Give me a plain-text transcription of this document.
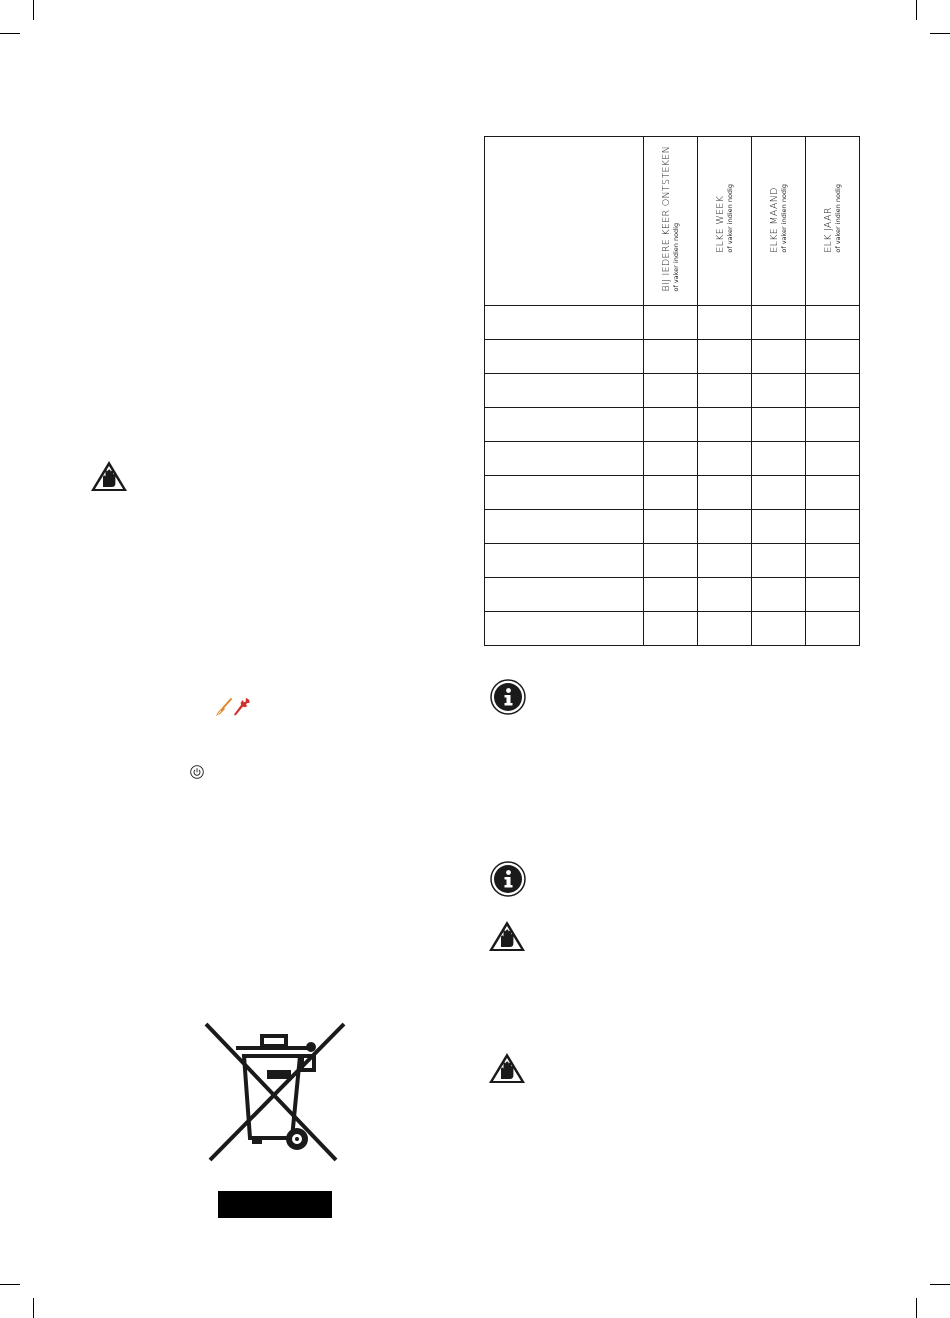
	BIJ IEDERE KEER ONTSTEKEN of vaker indien nodig	ELKE WEEK of vaker indien nodig	ELKE MAAND of vaker indien nodig	ELK JAAR of vaker indien nodig
